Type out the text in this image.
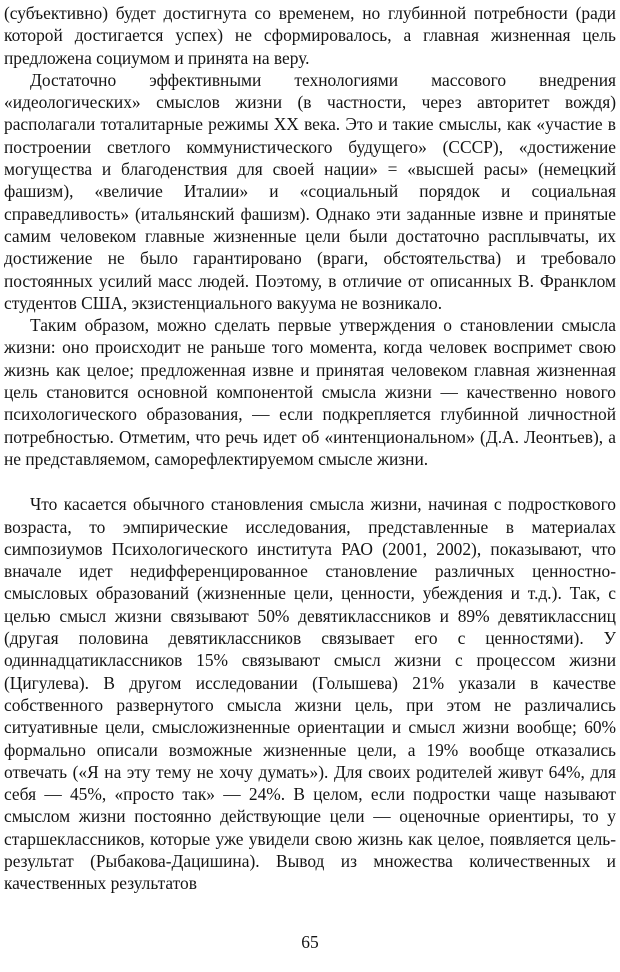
(субъективно) будет достигнута со временем, но глубинной потребности (ради которой достигается успех) не сформировалось, а главная жизненная цель предложена социумом и принята на веру.

Достаточно эффективными технологиями массового внедрения «идеологических» смыслов жизни (в частности, через авторитет вождя) располагали тоталитарные режимы XX века. Это и такие смыслы, как «участие в построении светлого коммунистического будущего» (СССР), «достижение могущества и благоденствия для своей нации» = «высшей расы» (немецкий фашизм), «величие Италии» и «социальный порядок и социальная справедливость» (итальянский фашизм). Однако эти заданные извне и принятые самим человеком главные жизненные цели были достаточно расплывчаты, их достижение не было гарантировано (враги, обстоятельства) и требовало постоянных усилий масс людей. Поэтому, в отличие от описанных В. Франклом студентов США, экзистенциального вакуума не возникало.

Таким образом, можно сделать первые утверждения о становлении смысла жизни: оно происходит не раньше того момента, когда человек воспримет свою жизнь как целое; предложенная извне и принятая человеком главная жизненная цель становится основной компонентой смысла жизни — качественно нового психологического образования, — если подкрепляется глубинной личностной потребностью. Отметим, что речь идет об «интенциональном» (Д.А. Леонтьев), а не представляемом, саморефлектируемом смысле жизни.

Что касается обычного становления смысла жизни, начиная с подросткового возраста, то эмпирические исследования, представленные в материалах симпозиумов Психологического института РАО (2001, 2002), показывают, что вначале идет недифференцированное становление различных ценностно-смысловых образований (жизненные цели, ценности, убеждения и т.д.). Так, с целью смысл жизни связывают 50% девятиклассников и 89% девятиклассниц (другая половина девятиклассников связывает его с ценностями). У одиннадцатиклассников 15% связывают смысл жизни с процессом жизни (Цигулева). В другом исследовании (Голышева) 21% указали в качестве собственного развернутого смысла жизни цель, при этом не различались ситуативные цели, смысложизненные ориентации и смысл жизни вообще; 60% формально описали возможные жизненные цели, а 19% вообще отказались отвечать («Я на эту тему не хочу думать»). Для своих родителей живут 64%, для себя — 45%, «просто так» — 24%. В целом, если подростки чаще называют смыслом жизни постоянно действующие цели — оценочные ориентиры, то у старшеклассников, которые уже увидели свою жизнь как целое, появляется цель-результат (Рыбакова-Дацишина). Вывод из множества количественных и качественных результатов

65
